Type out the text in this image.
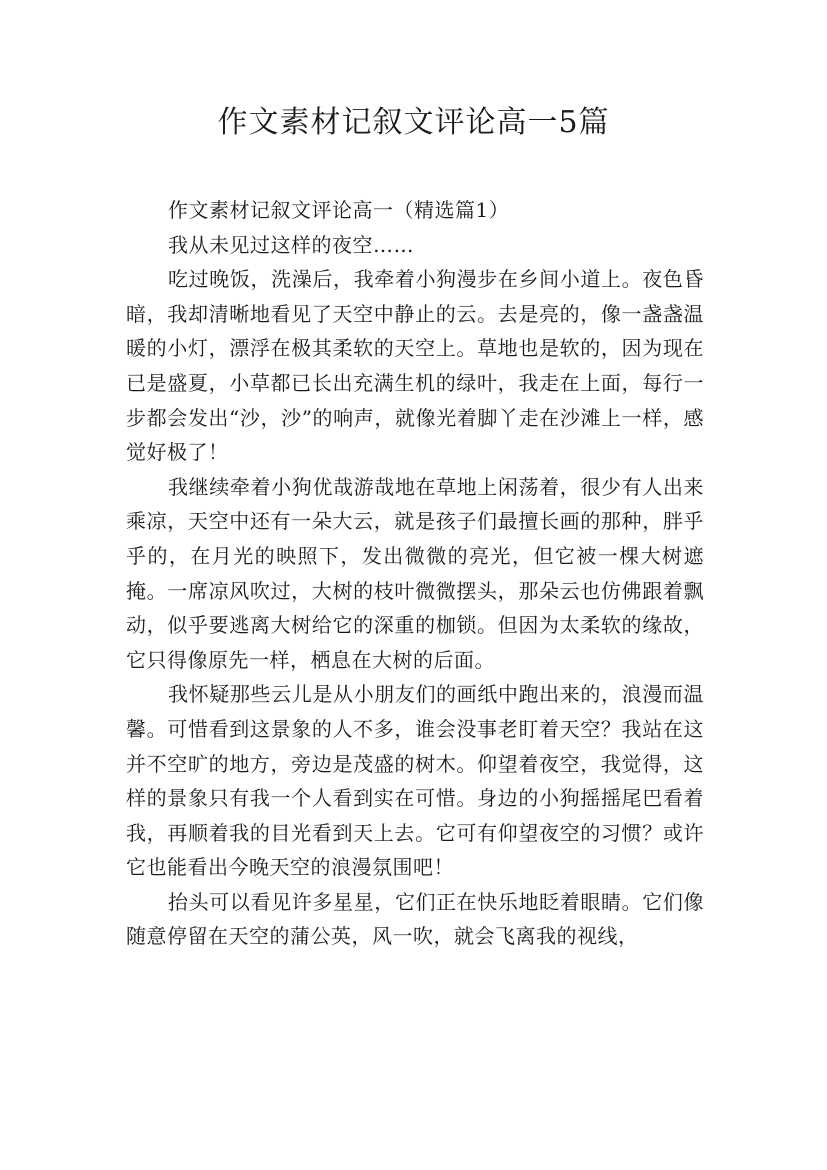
作文素材记叙文评论高一5篇

作文素材记叙文评论高一（精选篇1）

我从未见过这样的夜空……

吃过晚饭，洗澡后，我牵着小狗漫步在乡间小道上。夜色昏暗，我却清晰地看见了天空中静止的云。去是亮的，像一盏盏温暖的小灯，漂浮在极其柔软的天空上。草地也是软的，因为现在已是盛夏，小草都已长出充满生机的绿叶，我走在上面，每行一步都会发出“沙，沙”的响声，就像光着脚丫走在沙滩上一样，感觉好极了！

我继续牵着小狗优哉游哉地在草地上闲荡着，很少有人出来乘凉，天空中还有一朵大云，就是孩子们最擅长画的那种，胖乎乎的，在月光的映照下，发出微微的亮光，但它被一棵大树遮掩。一席凉风吹过，大树的枝叶微微摆头，那朵云也仿佛跟着飘动，似乎要逃离大树给它的深重的枷锁。但因为太柔软的缘故，它只得像原先一样，栖息在大树的后面。

我怀疑那些云儿是从小朋友们的画纸中跑出来的，浪漫而温馨。可惜看到这景象的人不多，谁会没事老盯着天空？我站在这并不空旷的地方，旁边是茂盛的树木。仰望着夜空，我觉得，这样的景象只有我一个人看到实在可惜。身边的小狗摇摇尾巴看着我，再顺着我的目光看到天上去。它可有仰望夜空的习惯？或许它也能看出今晚天空的浪漫氛围吧！

抬头可以看见许多星星，它们正在快乐地眨着眼睛。它们像随意停留在天空的蒲公英，风一吹，就会飞离我的视线，
